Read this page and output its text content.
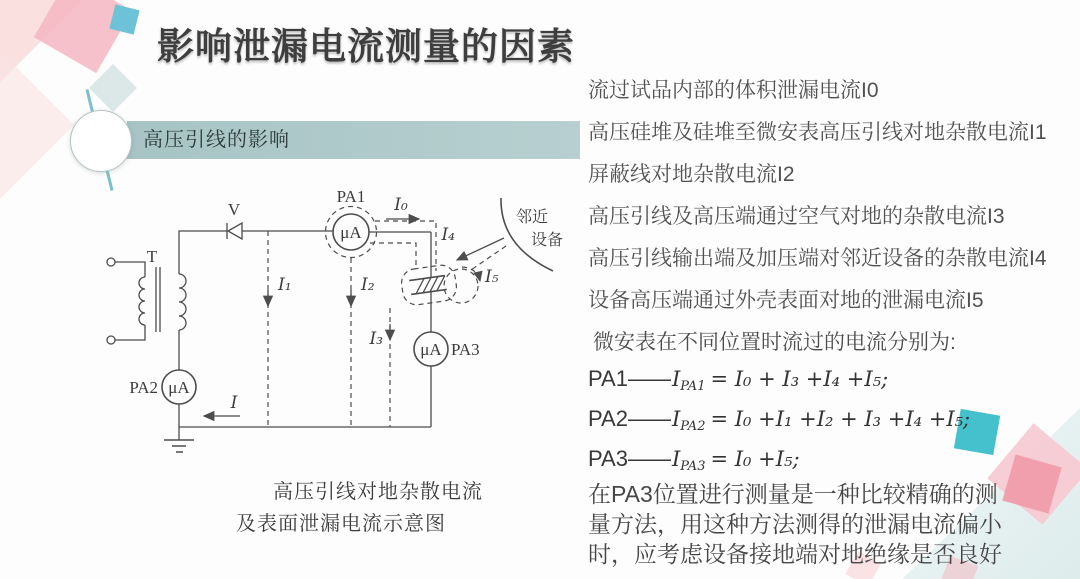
影响泄漏电流测量的因素
高压引线的影响
T
V
μA
PA1 I₀
I₁	I₂
I₃
I₄
I₅
邻近
设备
μA PA3
μA
PA2
I
高压引线对地杂散电流
及表面泄漏电流示意图
流过试品内部的体积泄漏电流I0
高压硅堆及硅堆至微安表高压引线对地杂散电流I1
屏蔽线对地杂散电流I2
高压引线及高压端通过空气对地的杂散电流I3
高压引线输出端及加压端对邻近设备的杂散电流I4
设备高压端通过外壳表面对地的泄漏电流I5
微安表在不同位置时流过的电流分别为:
PA1——IPA1 = I₀ + I₃ +I₄ +I₅;
PA2——IPA2 = I₀ +I₁ +I₂ + I₃ +I₄ +I₅;
PA3——IPA3 = I₀ +I₅;
在PA3位置进行测量是一种比较精确的测量方法，用这种方法测得的泄漏电流偏小时，应考虑设备接地端对地绝缘是否良好
